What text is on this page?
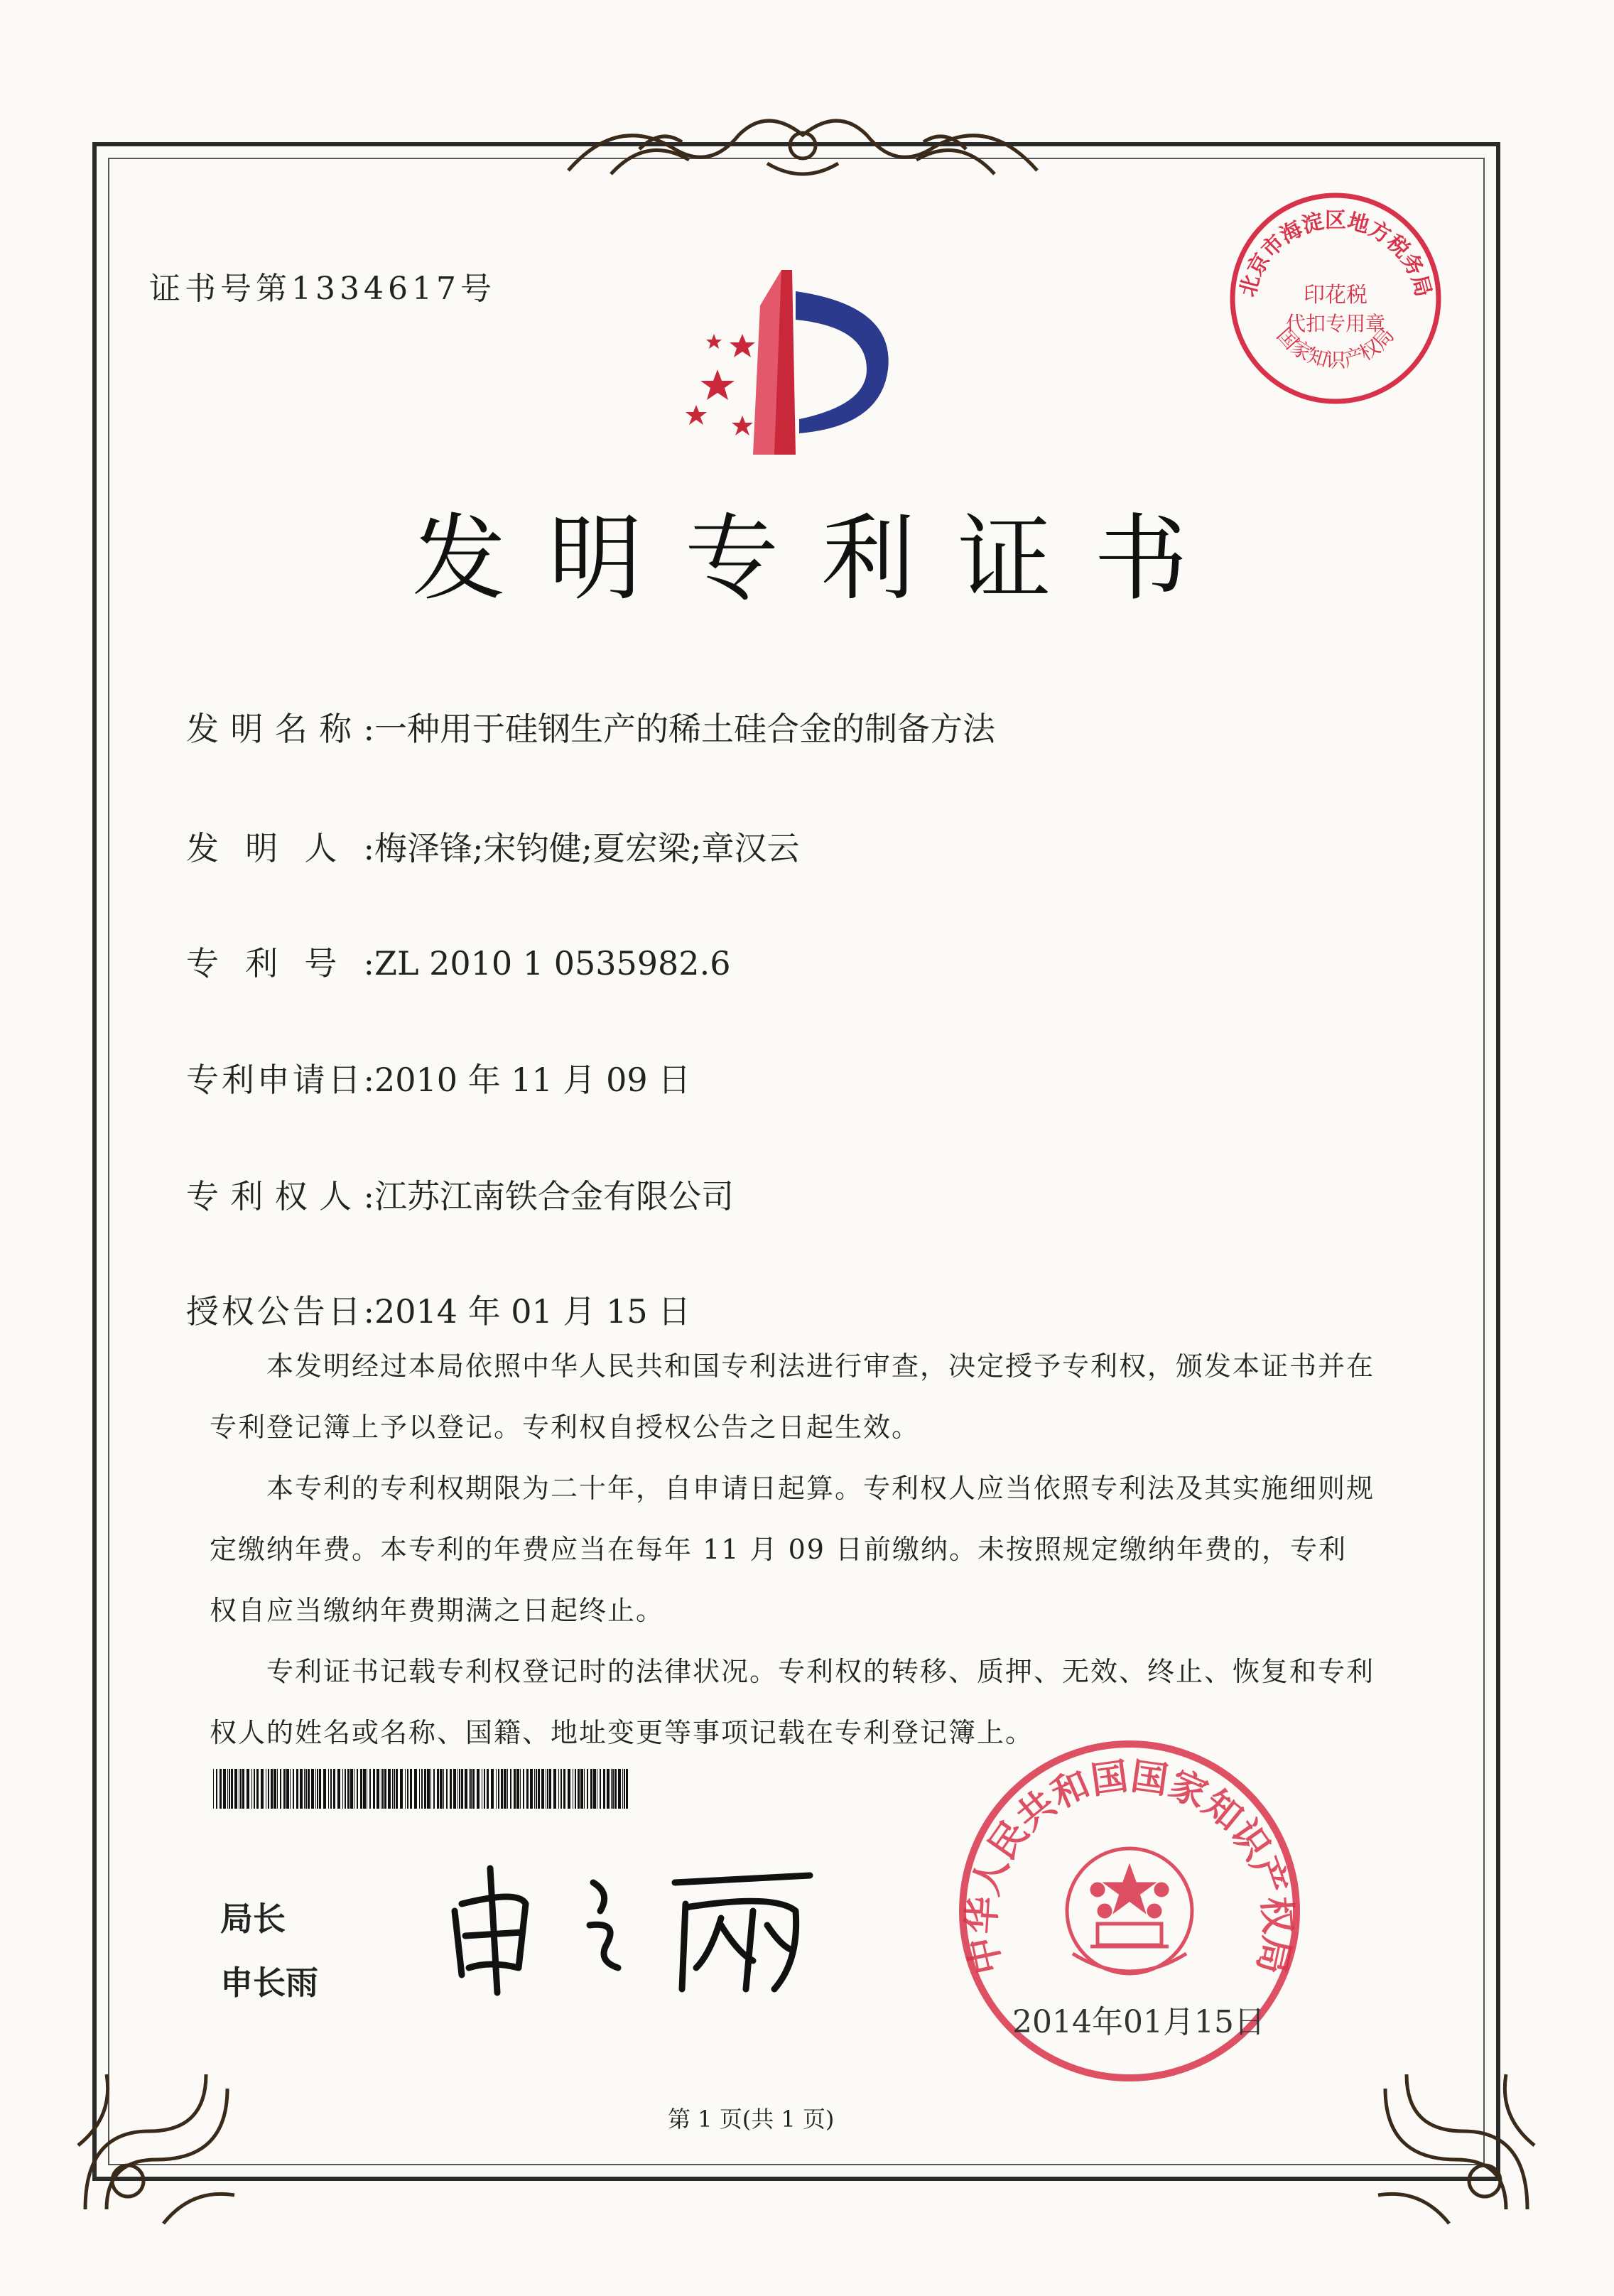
证书号第1334617号	北京市海淀区地方税务局
印花税
代扣专用章
国家知识产权局
发明专利证书
发明名称:一种用于硅钢生产的稀土硅合金的制备方法
发明人:梅泽锋;宋钧健;夏宏梁;章汉云
专利号:ZL 2010 1 0535982.6
专利申请日:2010 年 11 月 09 日
专利权人:江苏江南铁合金有限公司
授权公告日:2014 年 01 月 15 日

本发明经过本局依照中华人民共和国专利法进行审查，决定授予专利权，颁发本证书并在专利登记簿上予以登记。专利权自授权公告之日起生效。

本专利的专利权期限为二十年，自申请日起算。专利权人应当依照专利法及其实施细则规定缴纳年费。本专利的年费应当在每年 11 月 09 日前缴纳。未按照规定缴纳年费的，专利权自应当缴纳年费期满之日起终止。

专利证书记载专利权登记时的法律状况。专利权的转移、质押、无效、终止、恢复和专利权人的姓名或名称、国籍、地址变更等事项记载在专利登记簿上。

局长
申长雨
中华人民共和国国家知识产权局
2014年01月15日
第 1 页(共 1 页)
